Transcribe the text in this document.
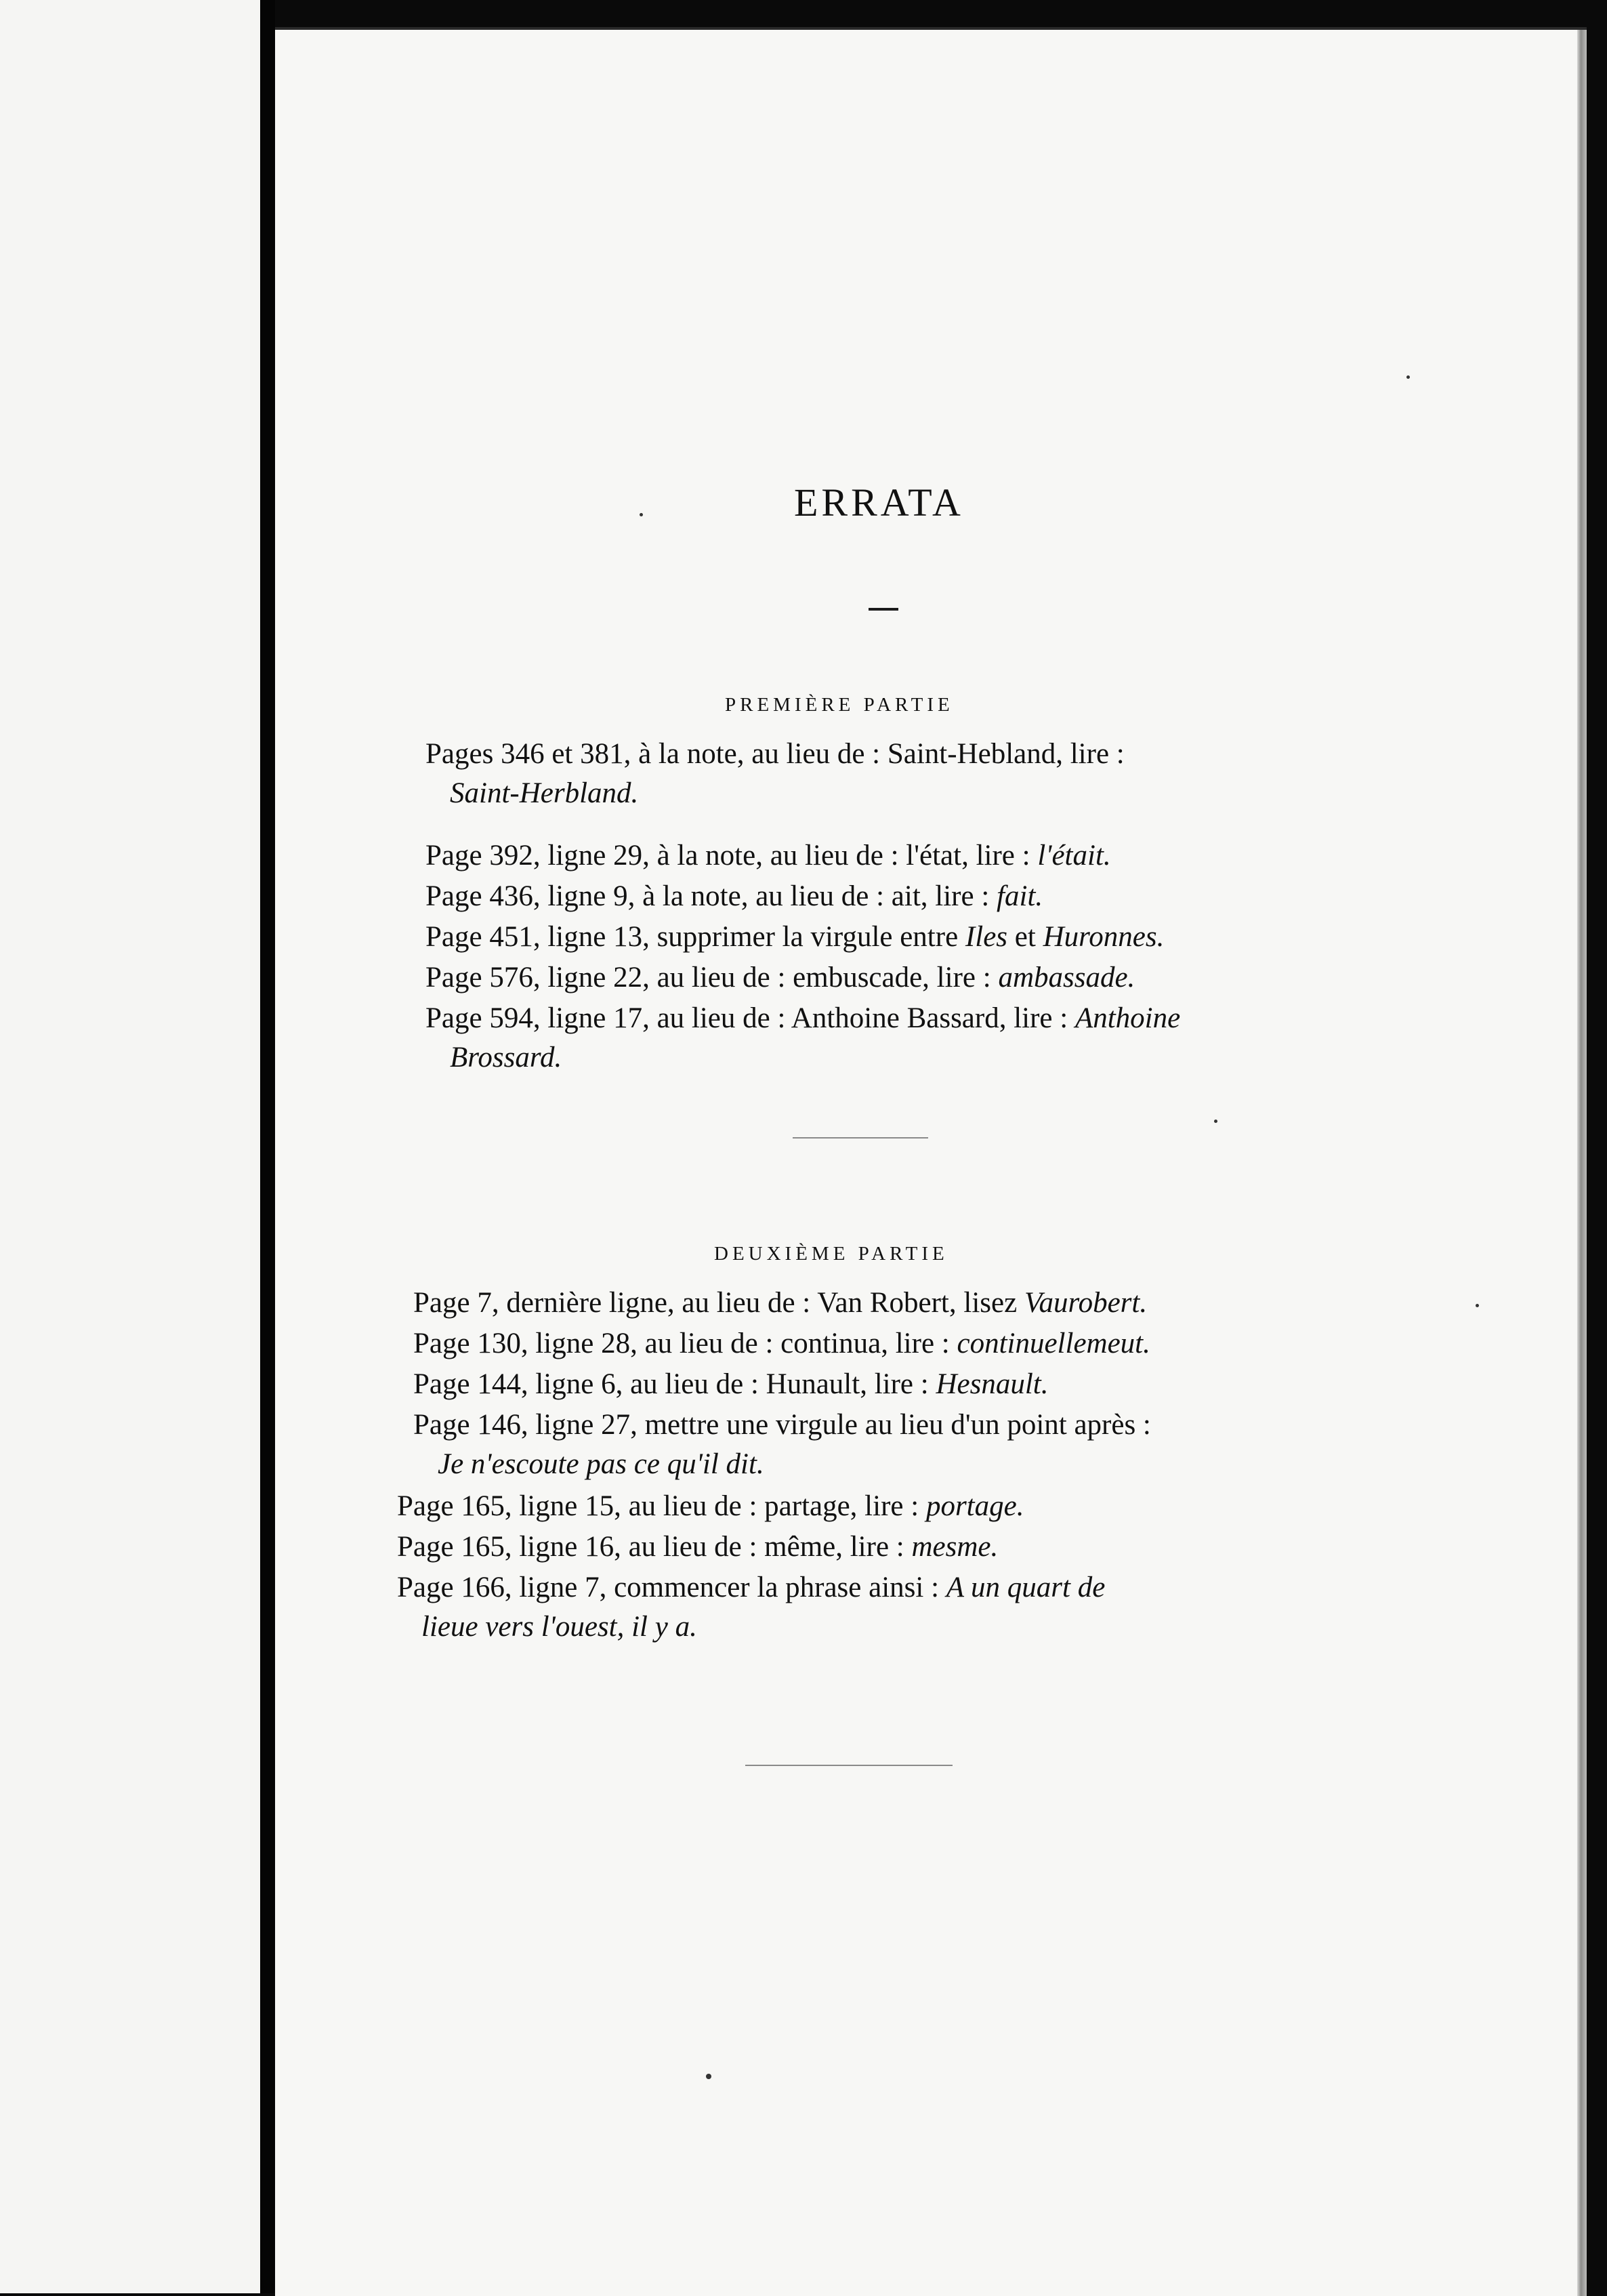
ERRATA
PREMIÈRE PARTIE
Pages 346 et 381, à la note, au lieu de : Saint-Hebland, lire :
Saint-Herbland.
Page 392, ligne 29, à la note, au lieu de : l'état, lire : l'était.
Page 436, ligne 9, à la note, au lieu de : ait, lire : fait.
Page 451, ligne 13, supprimer la virgule entre Iles et Huronnes.
Page 576, ligne 22, au lieu de : embuscade, lire : ambassade.
Page 594, ligne 17, au lieu de : Anthoine Bassard, lire : Anthoine
Brossard.
DEUXIÈME PARTIE
Page 7, dernière ligne, au lieu de : Van Robert, lisez Vaurobert.
Page 130, ligne 28, au lieu de : continua, lire : continuellemeut.
Page 144, ligne 6, au lieu de : Hunault, lire : Hesnault.
Page 146, ligne 27, mettre une virgule au lieu d'un point après :
Je n'escoute pas ce qu'il dit.
Page 165, ligne 15, au lieu de : partage, lire : portage.
Page 165, ligne 16, au lieu de : même, lire : mesme.
Page 166, ligne 7, commencer la phrase ainsi : A un quart de
lieue vers l'ouest, il y a.
